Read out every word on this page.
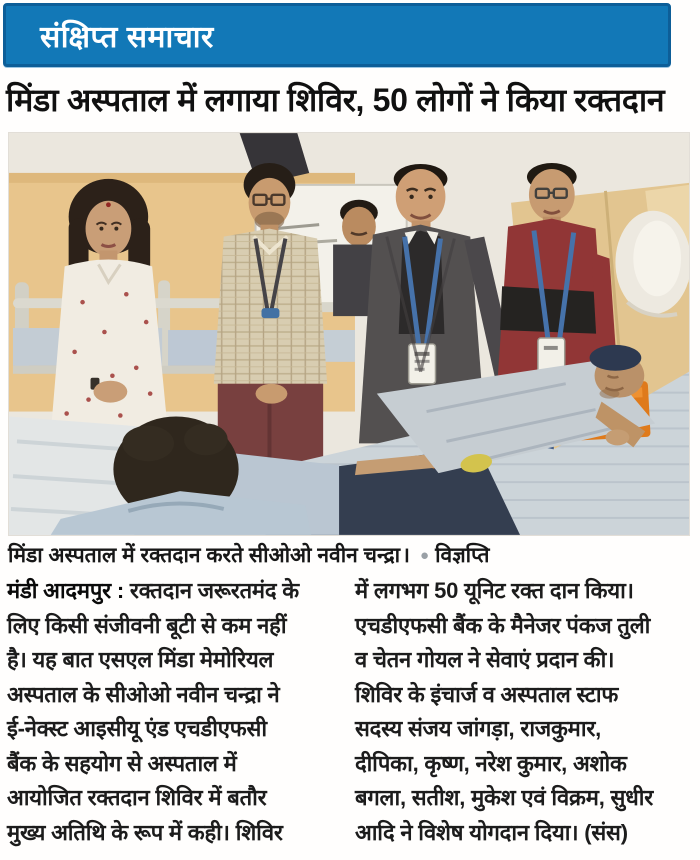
संक्षिप्त समाचार
मिंडा अस्पताल में लगाया शिविर, 50 लोगों ने किया रक्तदान
मिंडा अस्पताल में रक्तदान करते सीओओ नवीन चन्द्रा। ● विज्ञप्ति
मंडी आदमपुर : रक्तदान जरूरतमंद के
लिए किसी संजीवनी बूटी से कम नहीं
है। यह बात एसएल मिंडा मेमोरियल
अस्पताल के सीओओ नवीन चन्द्रा ने
ई-नेक्स्ट आइसीयू एंड एचडीएफसी
बैंक के सहयोग से अस्पताल में
आयोजित रक्तदान शिविर में बतौर
मुख्य अतिथि के रूप में कही। शिविर
में लगभग 50 यूनिट रक्त दान किया।
एचडीएफसी बैंक के मैनेजर पंकज तुली
व चेतन गोयल ने सेवाएं प्रदान की।
शिविर के इंचार्ज व अस्पताल स्टाफ
सदस्य संजय जांगड़ा, राजकुमार,
दीपिका, कृष्ण, नरेश कुमार, अशोक
बगला, सतीश, मुकेश एवं विक्रम, सुधीर
आदि ने विशेष योगदान दिया। (संस)
